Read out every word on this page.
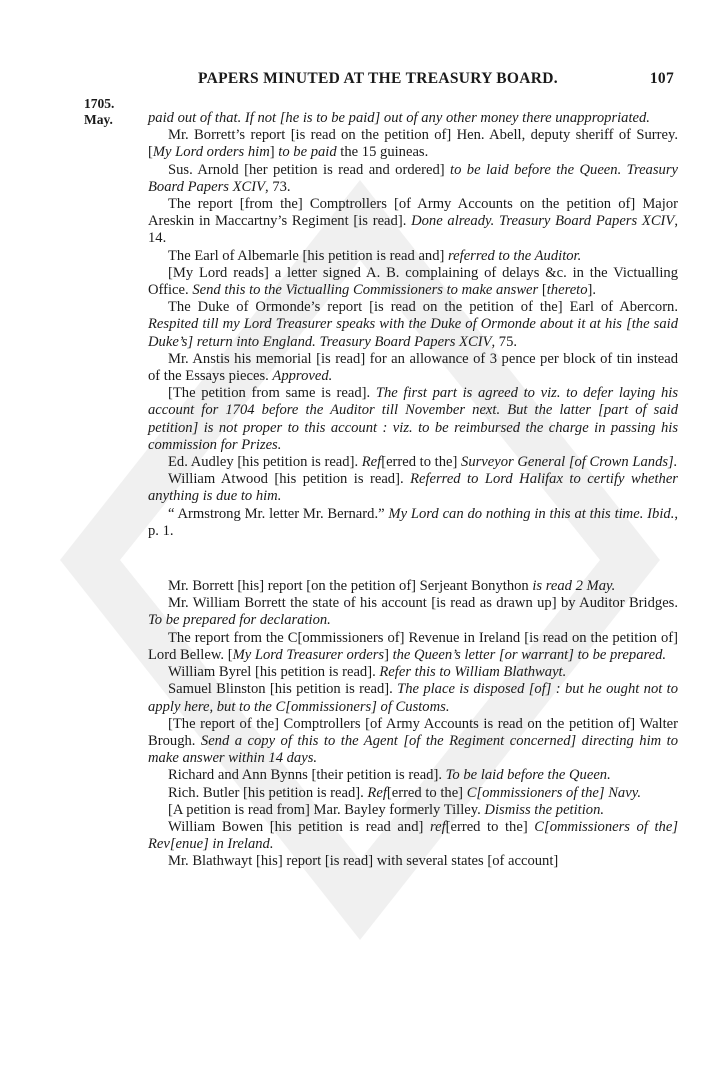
PAPERS MINUTED AT THE TREASURY BOARD.	107
1705.
May. paid out of that. If not [he is to be paid] out of any other money there unappropriated.

Mr. Borrett’s report [is read on the petition of] Hen. Abell, deputy sheriff of Surrey. [My Lord orders him] to be paid the 15 guineas.

Sus. Arnold [her petition is read and ordered] to be laid before the Queen. Treasury Board Papers XCIV, 73.

The report [from the] Comptrollers [of Army Accounts on the petition of] Major Areskin in Maccartny’s Regiment [is read]. Done already. Treasury Board Papers XCIV, 14.

The Earl of Albemarle [his petition is read and] referred to the Auditor.

[My Lord reads] a letter signed A. B. complaining of delays &c. in the Victualling Office. Send this to the Victualling Commissioners to make answer [thereto].

The Duke of Ormonde’s report [is read on the petition of the] Earl of Abercorn. Respited till my Lord Treasurer speaks with the Duke of Ormonde about it at his [the said Duke’s] return into England. Treasury Board Papers XCIV, 75.

Mr. Anstis his memorial [is read] for an allowance of 3 pence per block of tin instead of the Essays pieces. Approved.

[The petition from same is read]. The first part is agreed to viz. to defer laying his account for 1704 before the Auditor till November next. But the latter [part of said petition] is not proper to this account : viz. to be reimbursed the charge in passing his commission for Prizes.

Ed. Audley [his petition is read]. Ref[erred to the] Surveyor General [of Crown Lands].

William Atwood [his petition is read]. Referred to Lord Halifax to certify whether anything is due to him.

“ Armstrong Mr. letter Mr. Bernard.” My Lord can do nothing in this at this time. Ibid., p. 1.

Mr. Borrett [his] report [on the petition of] Serjeant Bonython is read 2 May.

Mr. William Borrett the state of his account [is read as drawn up] by Auditor Bridges. To be prepared for declaration.

The report from the C[ommissioners of] Revenue in Ireland [is read on the petition of] Lord Bellew. [My Lord Treasurer orders] the Queen’s letter [or warrant] to be prepared.

William Byrel [his petition is read]. Refer this to William Blathwayt.

Samuel Blinston [his petition is read]. The place is disposed [of] : but he ought not to apply here, but to the C[ommissioners] of Customs.

[The report of the] Comptrollers [of Army Accounts is read on the petition of] Walter Brough. Send a copy of this to the Agent [of the Regiment concerned] directing him to make answer within 14 days.

Richard and Ann Bynns [their petition is read]. To be laid before the Queen.

Rich. Butler [his petition is read]. Ref[erred to the] C[ommissioners of the] Navy.

[A petition is read from] Mar. Bayley formerly Tilley. Dismiss the petition.

William Bowen [his petition is read and] ref[erred to the] C[ommissioners of the] Rev[enue] in Ireland.

Mr. Blathwayt [his] report [is read] with several states [of account]
